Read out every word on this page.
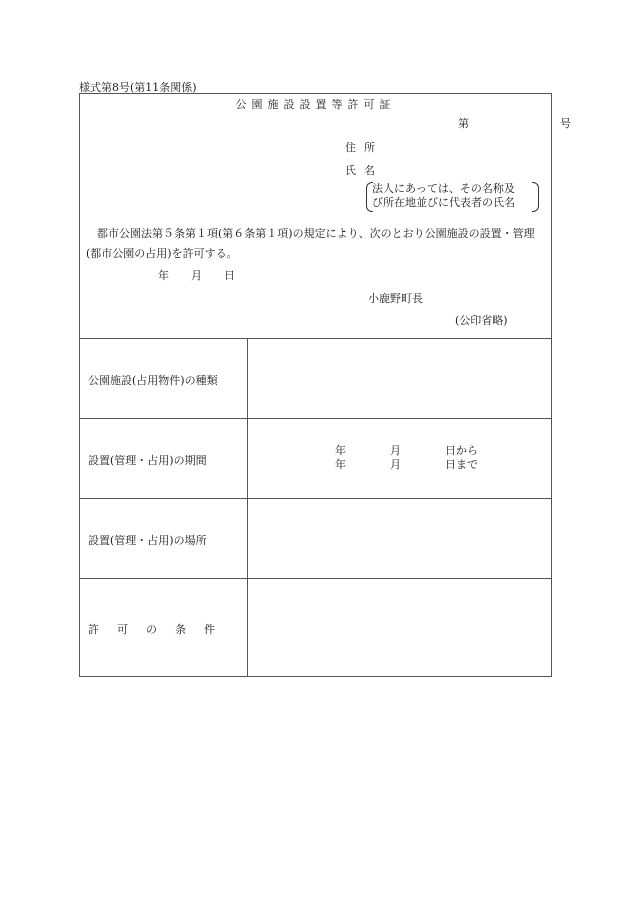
様式第8号(第11条関係)
公園施設設置等許可証
第　号
住所
氏名
法人にあっては、その名称及
び所在地並びに代表者の氏名
都市公園法第５条第１項(第６条第１項)の規定により、次のとおり公園施設の設置・管理(都市公園の占用)を許可する。
年月日
小鹿野町長
(公印省略)
公園施設(占用物件)の種類
設置(管理・占用)の期間
設置(管理・占用)の場所
許可の条件
年　　　　月　　　　日から
年　　　　月　　　　日まで
